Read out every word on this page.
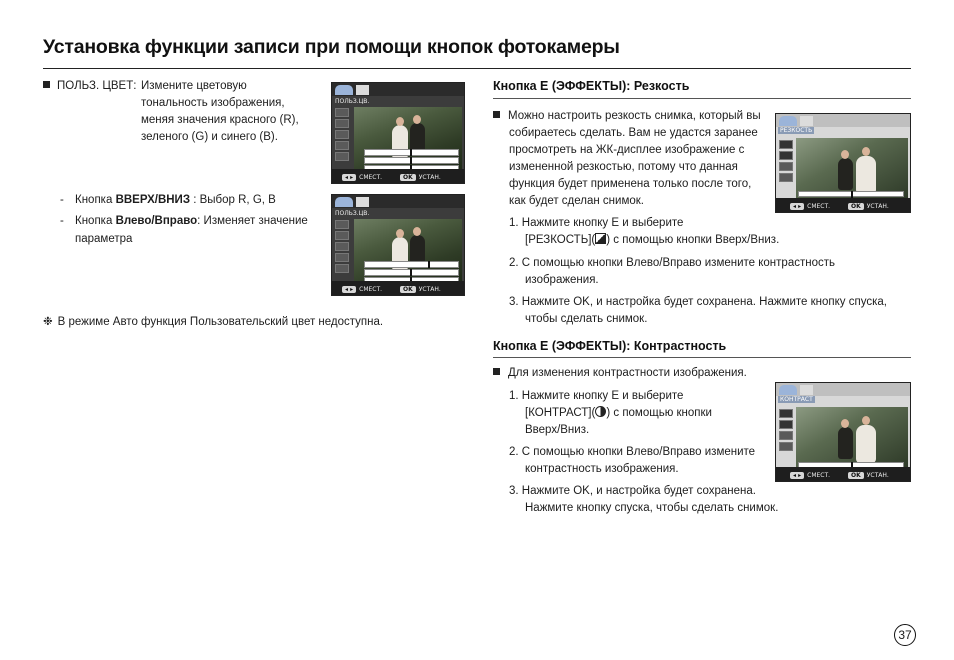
Установка функции записи при помощи кнопок фотокамеры
ПОЛЬЗ. ЦВЕТ: Измените цветовую
тональность изображения,
меняя значения красного (R),
зеленого (G) и синего (B).
- Кнопка ВВЕРХ/ВНИЗ : Выбор R, G, B
- Кнопка Влево/Вправо: Изменяет значение
параметра
❉ В режиме Авто функция Пользовательский цвет недоступна.
ПОЛЬЗ.ЦВ.
◂ ▸ СМЕСТ.	OK УСТАН.
ПОЛЬЗ.ЦВ.
◂ ▸ СМЕСТ.	OK УСТАН.
Кнопка E (ЭФФЕКТЫ): Резкость
Можно настроить резкость снимка, который вы
собираетесь сделать. Вам не удастся заранее
просмотреть на ЖК-дисплее изображение с
измененной резкостью, потому что данная
функция будет применена только после того,
как будет сделан снимок.
1. Нажмите кнопку E и выберите
[РЕЗКОСТЬ]( ) с помощью кнопки Вверх/Вниз.
2. С помощью кнопки Влево/Вправо измените контрастность
изображения.
3. Нажмите OK, и настройка будет сохранена. Нажмите кнопку спуска,
чтобы сделать снимок.
РЕЗКОСТЬ
◂ ▸ СМЕСТ.	OK УСТАН.
Кнопка E (ЭФФЕКТЫ): Контрастность
Для изменения контрастности изображения.
1. Нажмите кнопку E и выберите
[КОНТРАСТ]( ) с помощью кнопки
Вверх/Вниз.
2. С помощью кнопки Влево/Вправо измените
контрастность изображения.
3. Нажмите OK, и настройка будет сохранена.
Нажмите кнопку спуска, чтобы сделать снимок.
КОНТРАСТ
◂ ▸ СМЕСТ.	OK УСТАН.
37
